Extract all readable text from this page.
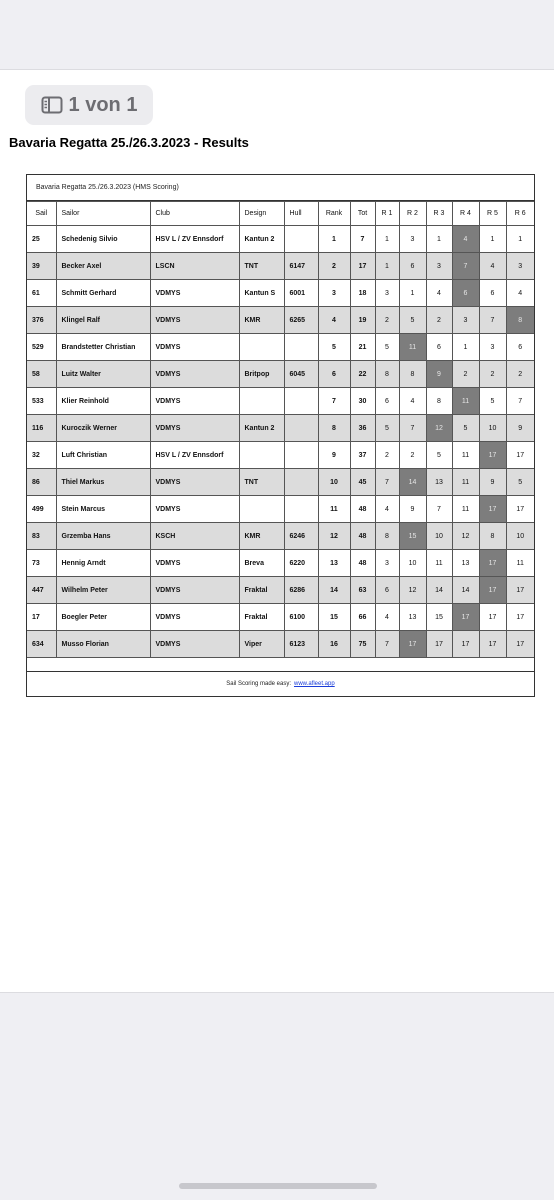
1 von 1
Bavaria Regatta 25./26.3.2023 - Results
Bavaria Regatta 25./26.3.2023 (HMS Scoring)
Sail	Sailor	Club	Design	Hull	Rank	Tot	R 1	R 2	R 3	R 4	R 5	R 6
25	Schedenig Silvio	HSV L / ZV Ennsdorf	Kantun 2		1	7	1	3	1	4	1	1
39	Becker Axel	LSCN	TNT	6147	2	17	1	6	3	7	4	3
61	Schmitt Gerhard	VDMYS	Kantun S	6001	3	18	3	1	4	6	6	4
376	Klingel Ralf	VDMYS	KMR	6265	4	19	2	5	2	3	7	8
529	Brandstetter Christian	VDMYS			5	21	5	11	6	1	3	6
58	Luitz Walter	VDMYS	Britpop	6045	6	22	8	8	9	2	2	2
533	Klier Reinhold	VDMYS			7	30	6	4	8	11	5	7
116	Kuroczik Werner	VDMYS	Kantun 2		8	36	5	7	12	5	10	9
32	Luft Christian	HSV L / ZV Ennsdorf			9	37	2	2	5	11	17	17
86	Thiel Markus	VDMYS	TNT		10	45	7	14	13	11	9	5
499	Stein Marcus	VDMYS			11	48	4	9	7	11	17	17
83	Grzemba Hans	KSCH	KMR	6246	12	48	8	15	10	12	8	10
73	Hennig Arndt	VDMYS	Breva	6220	13	48	3	10	11	13	17	11
447	Wilhelm Peter	VDMYS	Fraktal	6286	14	63	6	12	14	14	17	17
17	Boegler Peter	VDMYS	Fraktal	6100	15	66	4	13	15	17	17	17
634	Musso Florian	VDMYS	Viper	6123	16	75	7	17	17	17	17	17
Sail Scoring made easy: www.afleet.app
